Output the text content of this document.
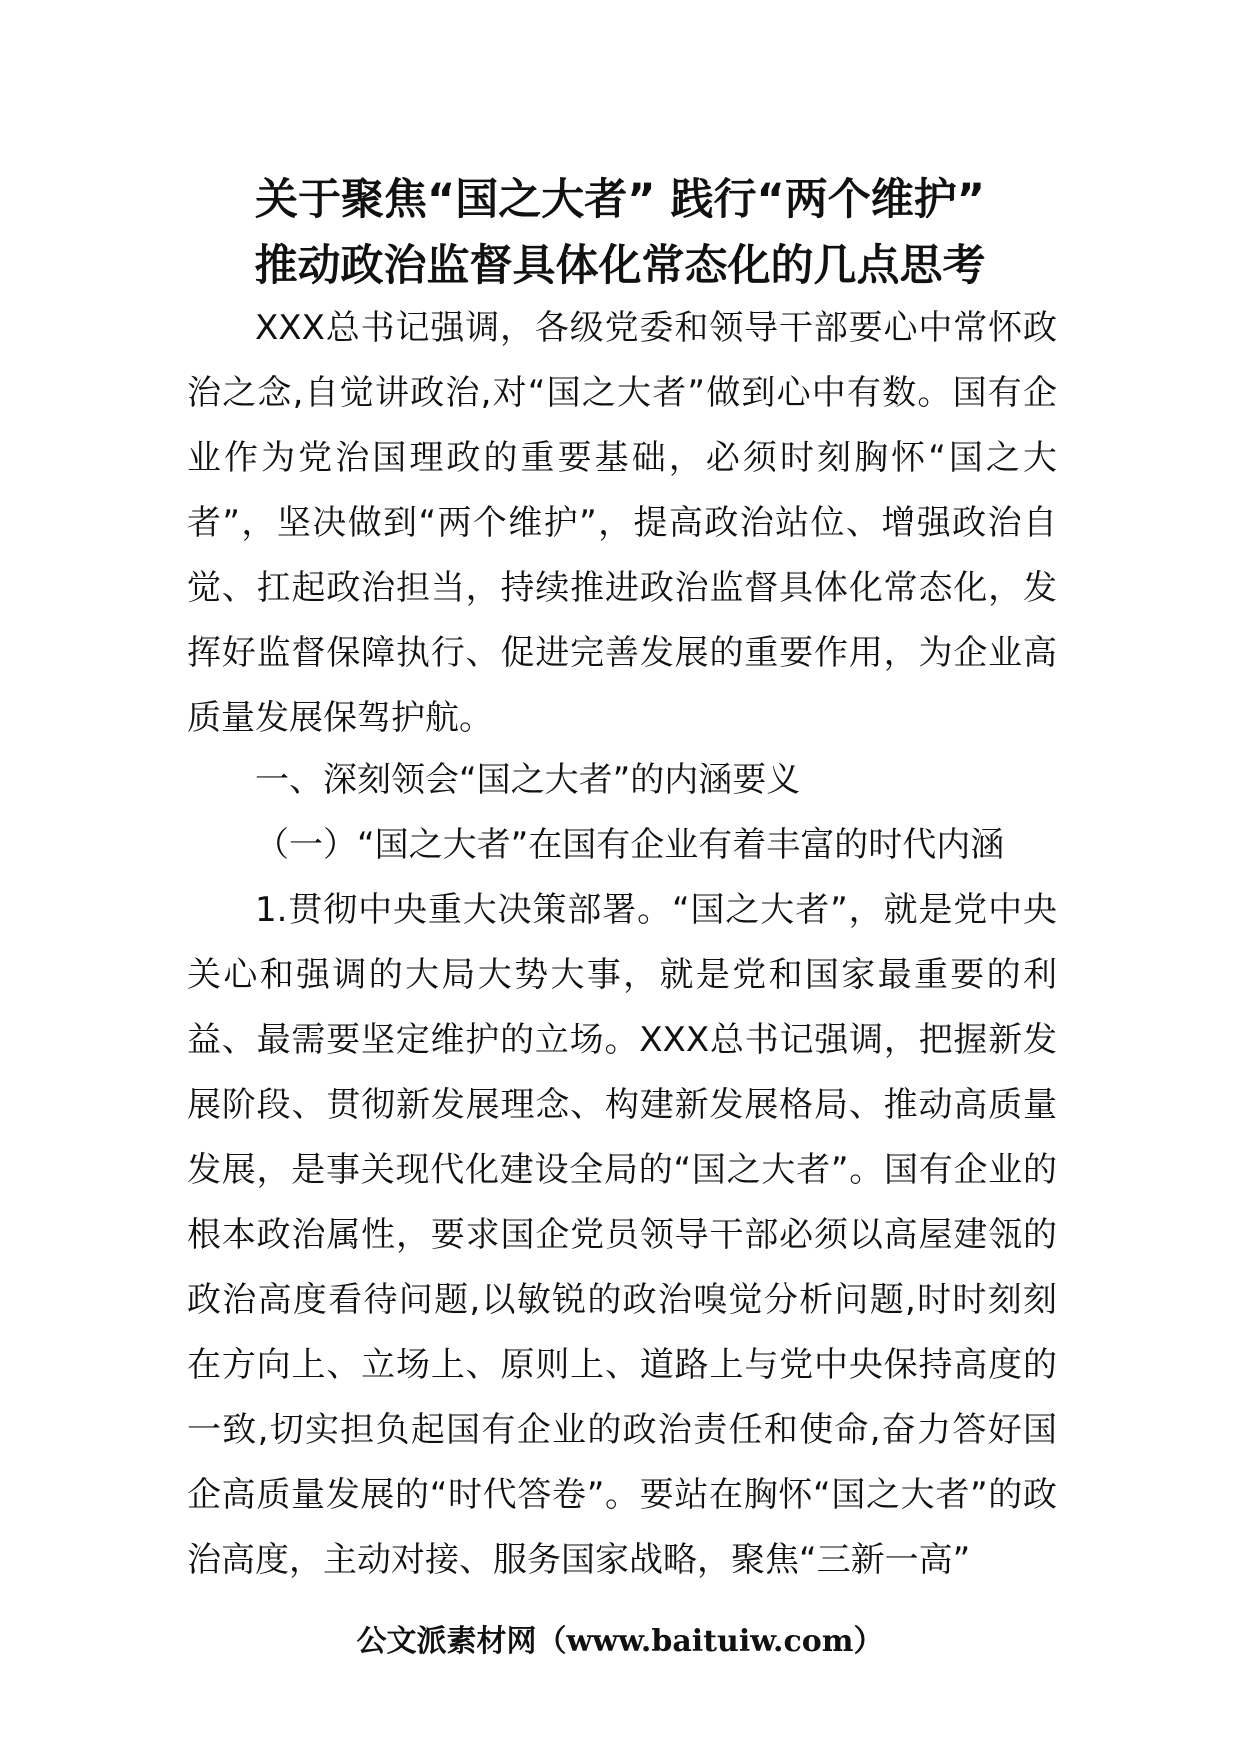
关于聚焦“国之大者” 践行“两个维护”
推动政治监督具体化常态化的几点思考

XXX总书记强调，各级党委和领导干部要心中常怀政治之念,自觉讲政治,对“国之大者”做到心中有数。国有企业作为党治国理政的重要基础，必须时刻胸怀“国之大者”，坚决做到“两个维护”，提高政治站位、增强政治自觉、扛起政治担当，持续推进政治监督具体化常态化，发挥好监督保障执行、促进完善发展的重要作用，为企业高质量发展保驾护航。

一、深刻领会“国之大者”的内涵要义

（一）“国之大者”在国有企业有着丰富的时代内涵

1.贯彻中央重大决策部署。“国之大者”，就是党中央关心和强调的大局大势大事，就是党和国家最重要的利益、最需要坚定维护的立场。XXX总书记强调，把握新发展阶段、贯彻新发展理念、构建新发展格局、推动高质量发展，是事关现代化建设全局的“国之大者”。国有企业的根本政治属性，要求国企党员领导干部必须以高屋建瓴的政治高度看待问题,以敏锐的政治嗅觉分析问题,时时刻刻在方向上、立场上、原则上、道路上与党中央保持高度的一致,切实担负起国有企业的政治责任和使命,奋力答好国企高质量发展的“时代答卷”。要站在胸怀“国之大者”的政治高度，主动对接、服务国家战略，聚焦“三新一高”

公文派素材网（www.baituiw.com）
